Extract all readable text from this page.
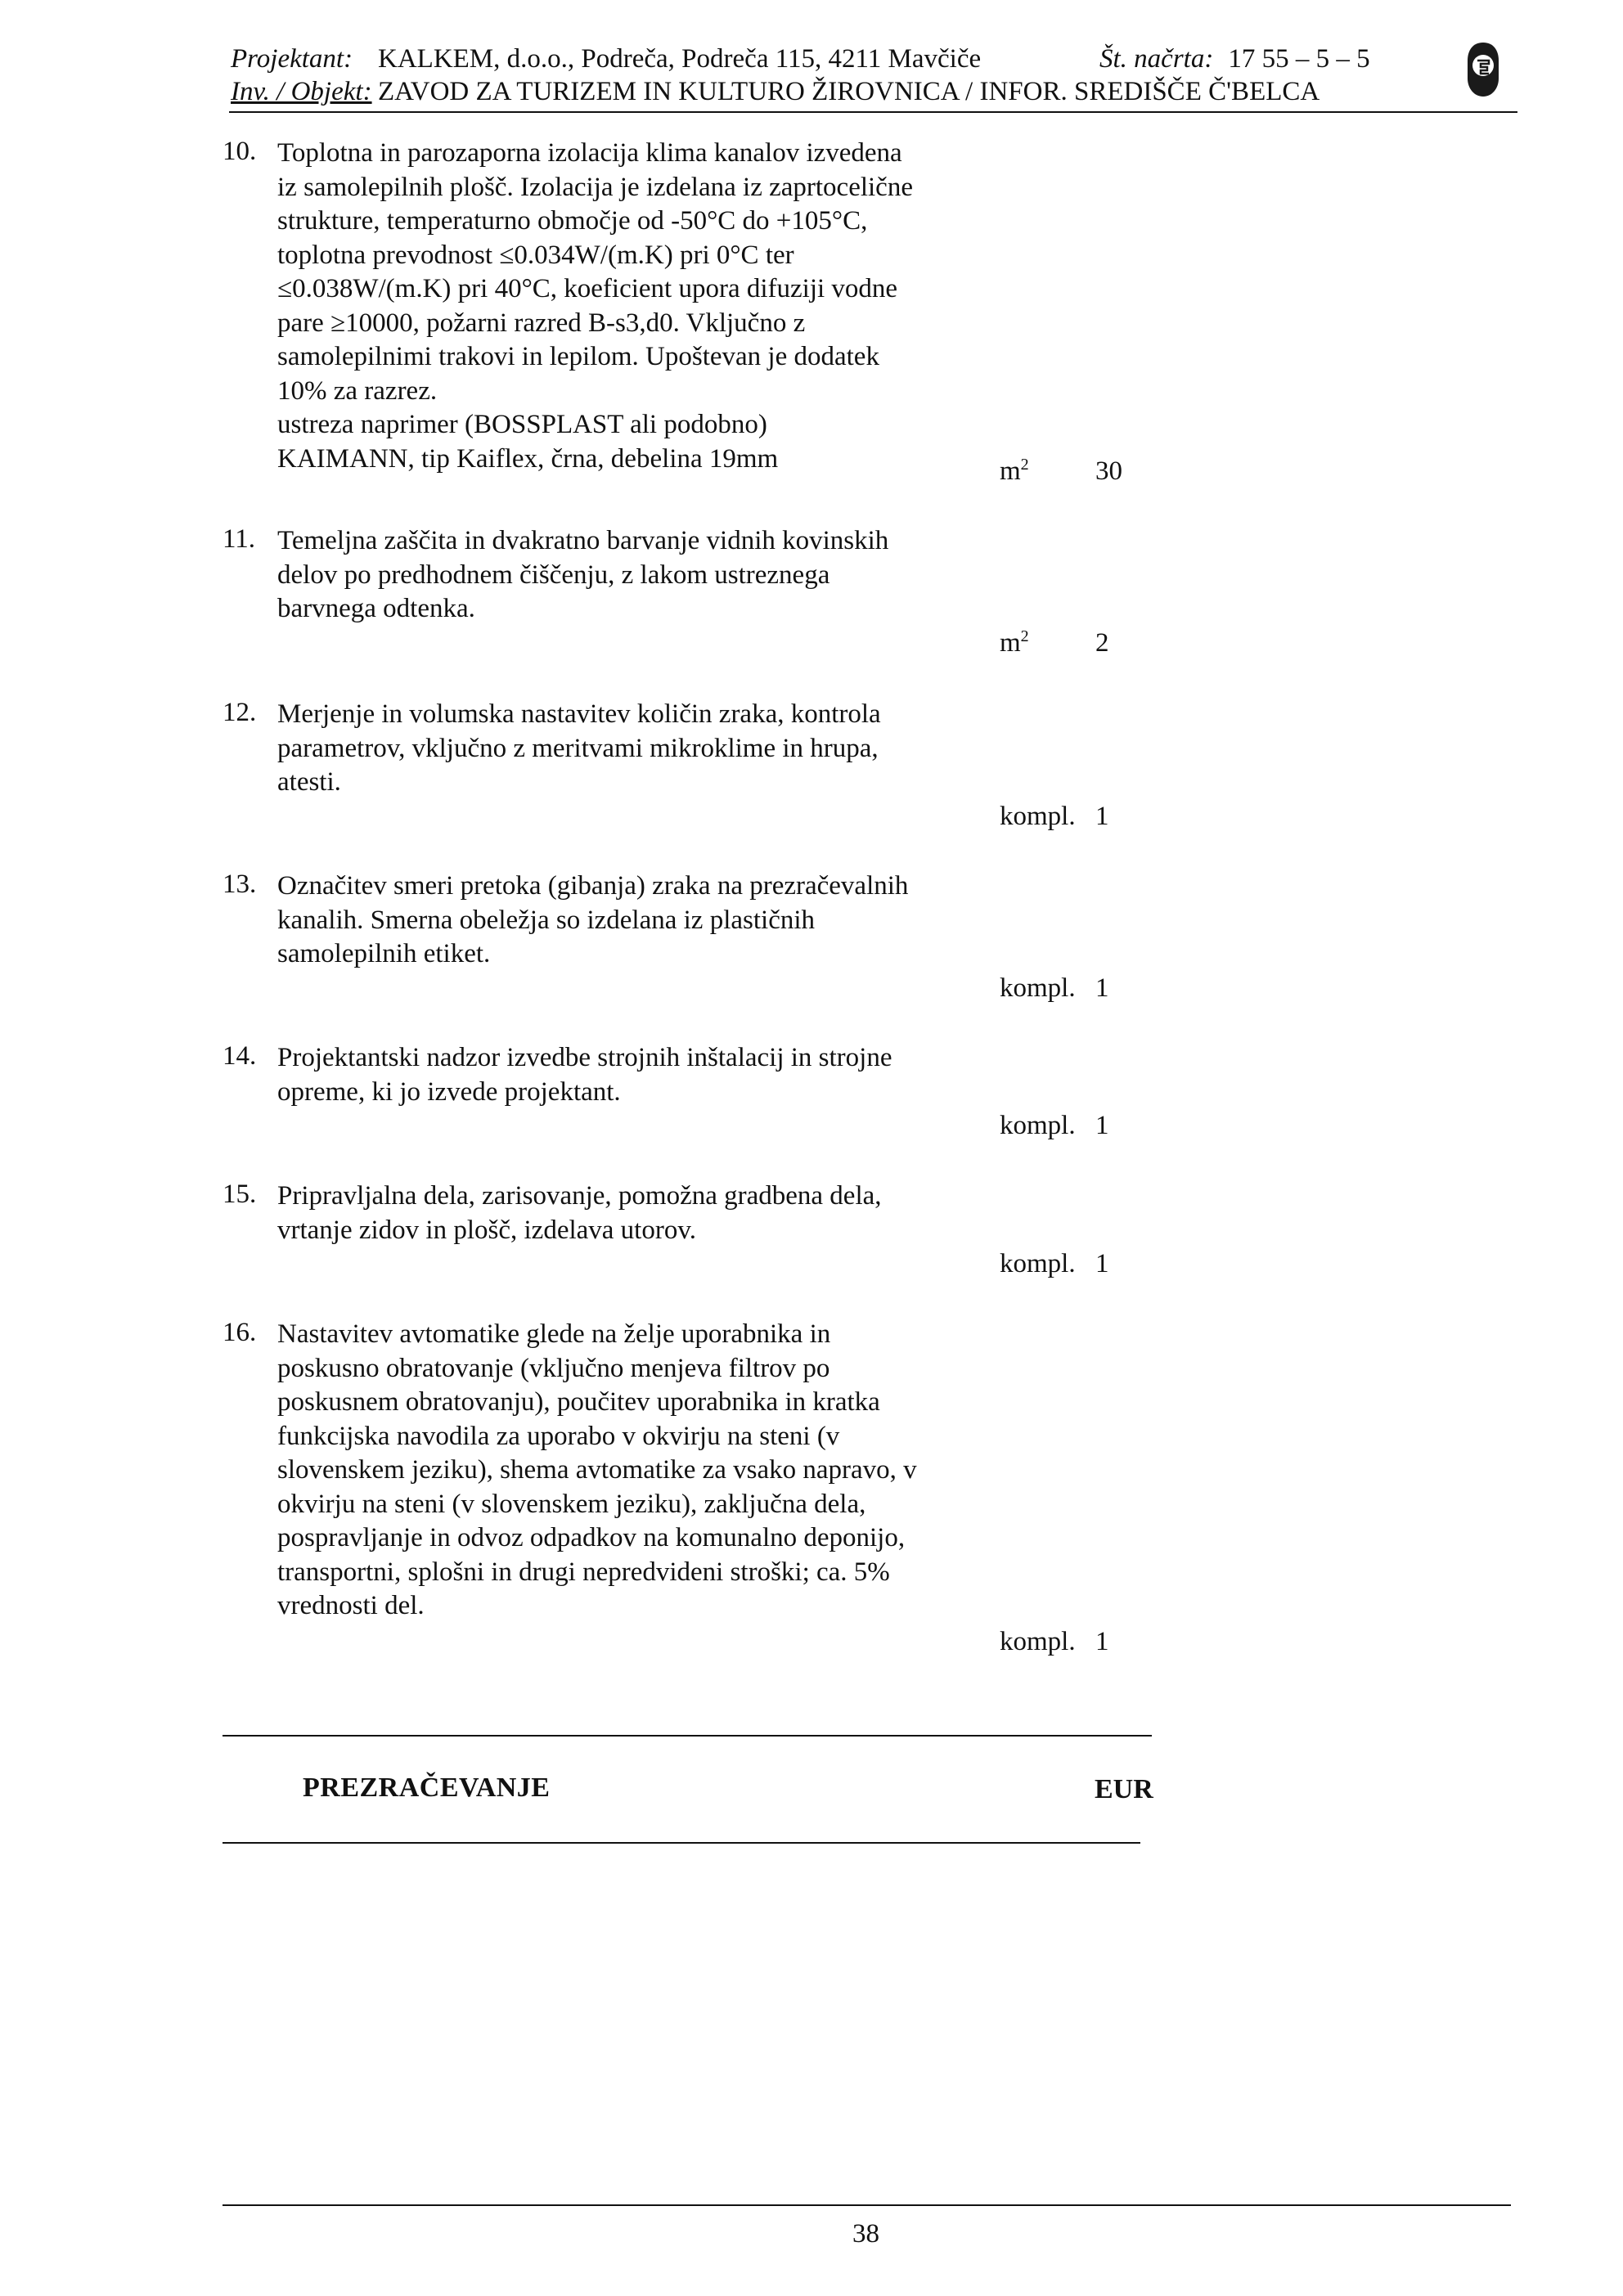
Projektant: KALKEM, d.o.o., Podreča, Podreča 115, 4211 Mavčiče	Št. načrta: 17 55 – 5 – 5
Inv. / Objekt: ZAVOD ZA TURIZEM IN KULTURO ŽIROVNICA / INFOR. SREDIŠČE Č'BELCA
10. Toplotna in parozaporna izolacija klima kanalov izvedena
iz samolepilnih plošč. Izolacija je izdelana iz zaprtocelične
strukture, temperaturno območje od -50°C do +105°C,
toplotna prevodnost ≤0.034W/(m.K) pri 0°C ter
≤0.038W/(m.K) pri 40°C, koeficient upora difuziji vodne
pare ≥10000, požarni razred B-s3,d0. Vključno z
samolepilnimi trakovi in lepilom. Upoštevan je dodatek
10% za razrez.
ustreza naprimer (BOSSPLAST ali podobno)
KAIMANN, tip Kaiflex, črna, debelina 19mm	$m^2$ 30
11. Temeljna zaščita in dvakratno barvanje vidnih kovinskih
delov po predhodnem čiščenju, z lakom ustreznega
barvnega odtenka.
$m^2$ 2
12. Merjenje in volumska nastavitev količin zraka, kontrola
parametrov, vključno z meritvami mikroklime in hrupa,
atesti.
kompl. 1
13. Označitev smeri pretoka (gibanja) zraka na prezračevalnih
kanalih. Smerna obeležja so izdelana iz plastičnih
samolepilnih etiket.
kompl. 1
14. Projektantski nadzor izvedbe strojnih inštalacij in strojne
opreme, ki jo izvede projektant.
kompl. 1
15. Pripravljalna dela, zarisovanje, pomožna gradbena dela,
vrtanje zidov in plošč, izdelava utorov.
kompl. 1
16. Nastavitev avtomatike glede na želje uporabnika in
poskusno obratovanje (vključno menjeva filtrov po
poskusnem obratovanju), poučitev uporabnika in kratka
funkcijska navodila za uporabo v okvirju na steni (v
slovenskem jeziku), shema avtomatike za vsako napravo, v
okvirju na steni (v slovenskem jeziku), zaključna dela,
pospravljanje in odvoz odpadkov na komunalno deponijo,
transportni, splošni in drugi nepredvideni stroški; ca. 5%
vrednosti del.
kompl. 1
PREZRAČEVANJE	EUR
38
